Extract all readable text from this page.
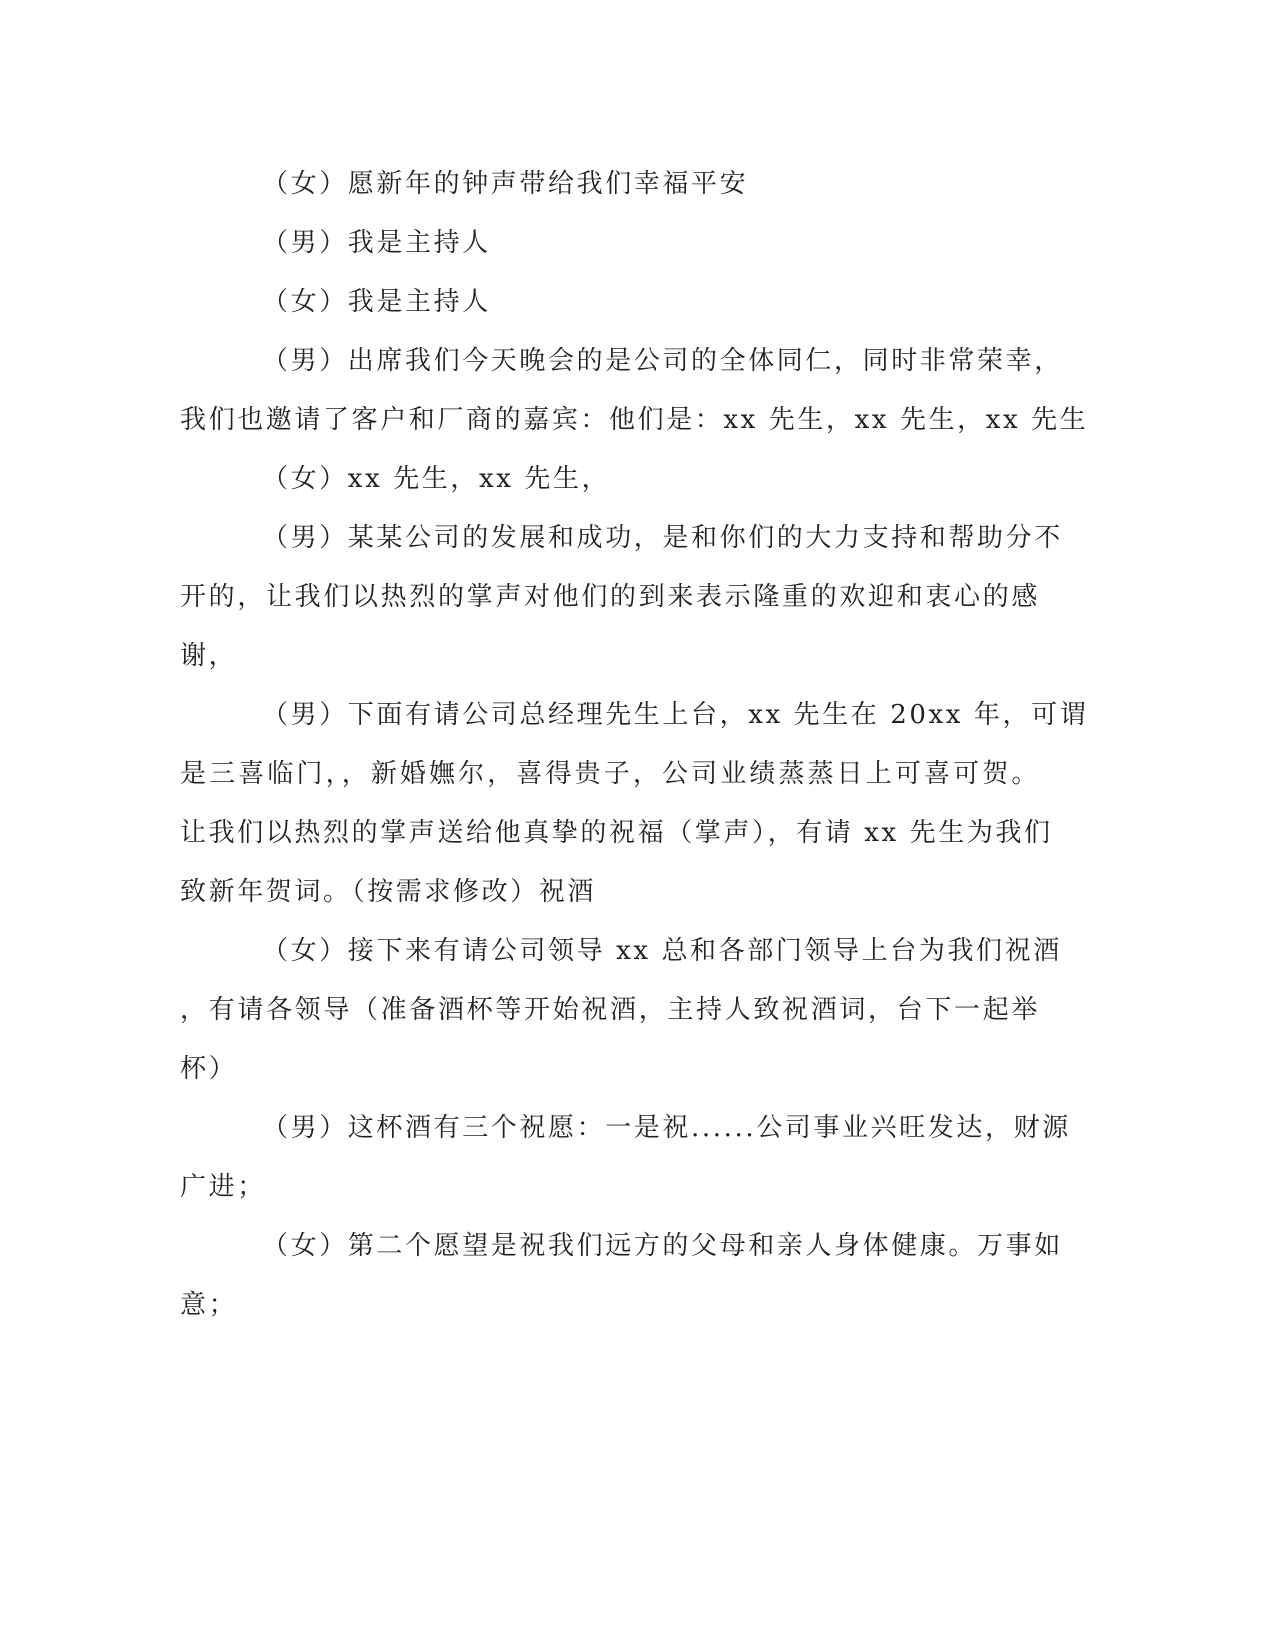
（女）愿新年的钟声带给我们幸福平安
（男）我是主持人
（女）我是主持人
（男）出席我们今天晚会的是公司的全体同仁，同时非常荣幸，
我们也邀请了客户和厂商的嘉宾：他们是：xx 先生，xx 先生，xx 先生
（女）xx 先生，xx 先生，
（男）某某公司的发展和成功，是和你们的大力支持和帮助分不
开的，让我们以热烈的掌声对他们的到来表示隆重的欢迎和衷心的感
谢，
（男）下面有请公司总经理先生上台，xx 先生在 20xx 年，可谓
是三喜临门，，新婚嫵尔，喜得贵子，公司业绩蒸蒸日上可喜可贺。
让我们以热烈的掌声送给他真挚的祝福（掌声），有请 xx 先生为我们
致新年贺词。（按需求修改）祝酒
（女）接下来有请公司领导 xx 总和各部门领导上台为我们祝酒
，有请各领导（准备酒杯等开始祝酒，主持人致祝酒词，台下一起举
杯）
（男）这杯酒有三个祝愿：一是祝......公司事业兴旺发达，财源
广进；
（女）第二个愿望是祝我们远方的父母和亲人身体健康。万事如
意；
